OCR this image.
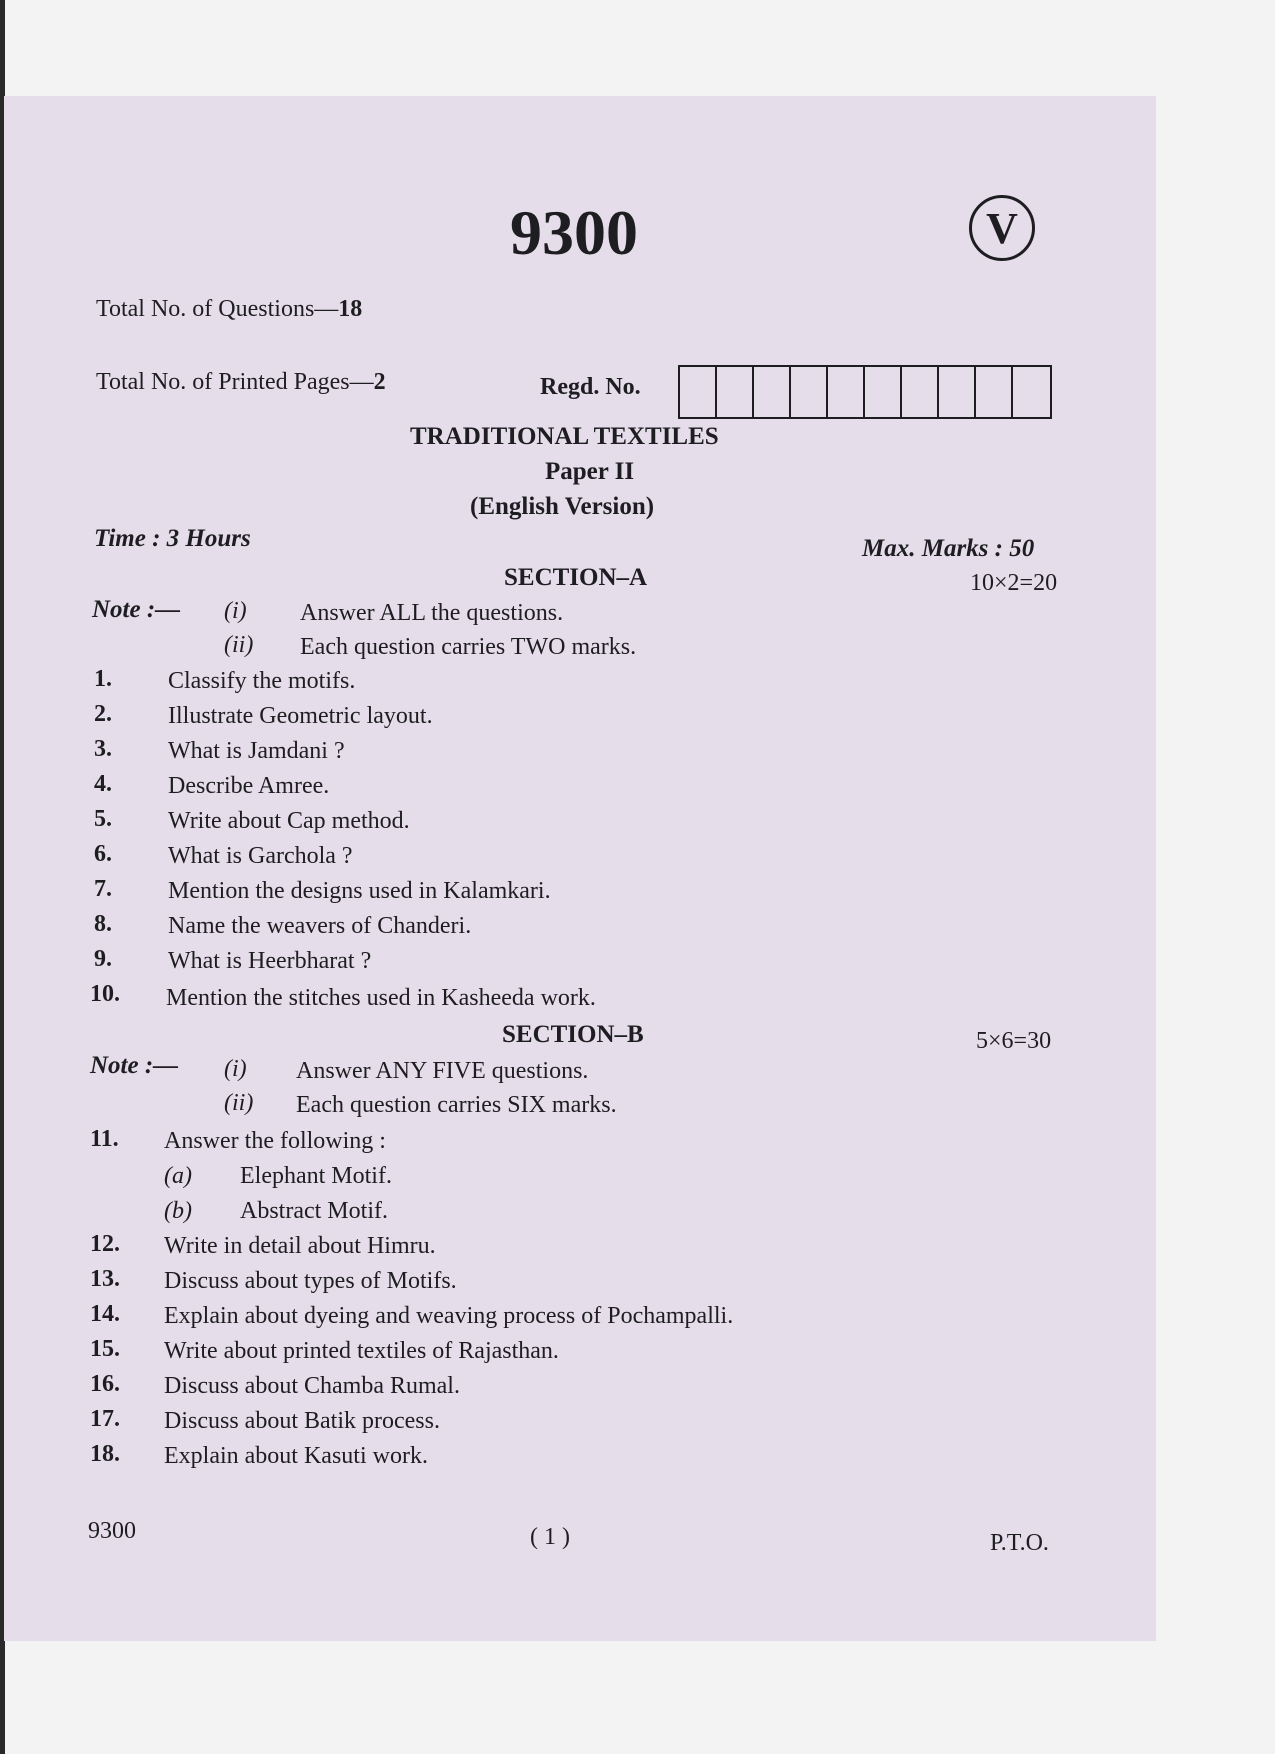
9300	V
Total No. of Questions—18
Total No. of Printed Pages—2	Regd. No.
TRADITIONAL TEXTILES
Paper II
(English Version)
Time : 3 Hours	Max. Marks : 50
SECTION–A	10×2=20
Note :— (i) Answer ALL the questions.
(ii) Each question carries TWO marks.
1. Classify the motifs.
2. Illustrate Geometric layout.
3. What is Jamdani ?
4. Describe Amree.
5. Write about Cap method.
6. What is Garchola ?
7. Mention the designs used in Kalamkari.
8. Name the weavers of Chanderi.
9. What is Heerbharat ?
10. Mention the stitches used in Kasheeda work.
SECTION–B	5×6=30
Note :— (i) Answer ANY FIVE questions.
(ii) Each question carries SIX marks.
11. Answer the following :
(a) Elephant Motif.
(b) Abstract Motif.
12. Write in detail about Himru.
13. Discuss about types of Motifs.
14. Explain about dyeing and weaving process of Pochampalli.
15. Write about printed textiles of Rajasthan.
16. Discuss about Chamba Rumal.
17. Discuss about Batik process.
18. Explain about Kasuti work.
9300	( 1 )	P.T.O.
